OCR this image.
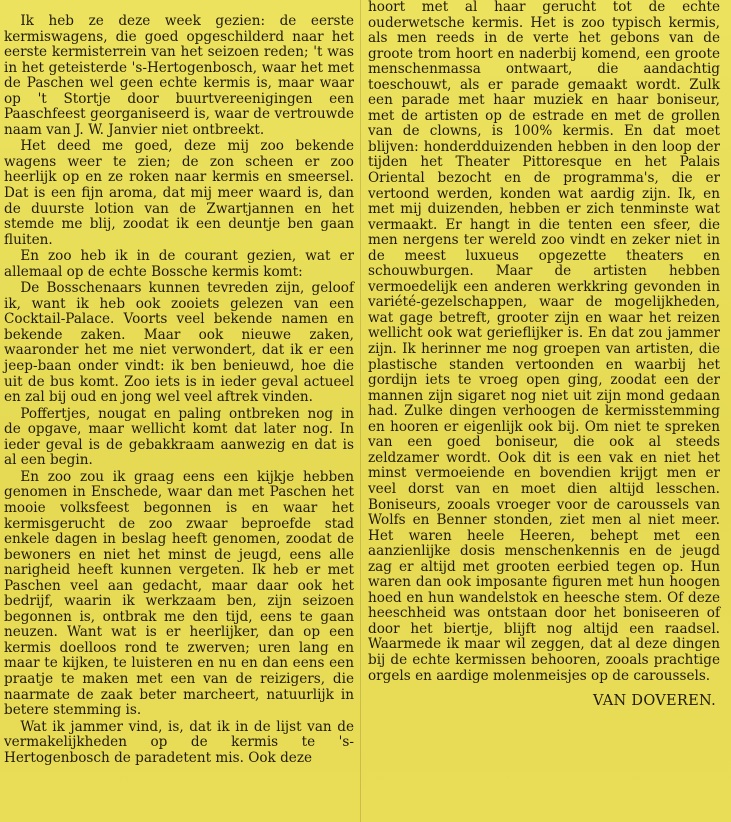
Ik heb ze deze week gezien: de eerste kermiswagens, die goed opgeschilderd naar het eerste kermisterrein van het seizoen reden; 't was in het geteisterde 's-Hertogenbosch, waar het met de Paschen wel geen echte kermis is, maar waar op 't Stortje door buurtvereenigingen een Paaschfeest georganiseerd is, waar de vertrouwde naam van J. W. Janvier niet ontbreekt.

Het deed me goed, deze mij zoo bekende wagens weer te zien; de zon scheen er zoo heerlijk op en ze roken naar kermis en smeersel. Dat is een fijn aroma, dat mij meer waard is, dan de duurste lotion van de Zwartjannen en het stemde me blij, zoodat ik een deuntje ben gaan fluiten.

En zoo heb ik in de courant gezien, wat er allemaal op de echte Bossche kermis komt:

De Bosschenaars kunnen tevreden zijn, geloof ik, want ik heb ook zooiets gelezen van een Cocktail-Palace. Voorts veel bekende namen en bekende zaken. Maar ook nieuwe zaken, waaronder het me niet verwondert, dat ik er een jeep-baan onder vindt: ik ben benieuwd, hoe die uit de bus komt. Zoo iets is in ieder geval actueel en zal bij oud en jong wel veel aftrek vinden.

Poffertjes, nougat en paling ontbreken nog in de opgave, maar wellicht komt dat later nog. In ieder geval is de gebakkraam aanwezig en dat is al een begin.

En zoo zou ik graag eens een kijkje hebben genomen in Enschede, waar dan met Paschen het mooie volksfeest begonnen is en waar het kermisgerucht de zoo zwaar beproefde stad enkele dagen in beslag heeft genomen, zoodat de bewoners en niet het minst de jeugd, eens alle narigheid heeft kunnen vergeten. Ik heb er met Paschen veel aan gedacht, maar daar ook het bedrijf, waarin ik werkzaam ben, zijn seizoen begonnen is, ontbrak me den tijd, eens te gaan neuzen. Want wat is er heerlijker, dan op een kermis doelloos rond te zwerven; uren lang en maar te kijken, te luisteren en nu en dan eens een praatje te maken met een van de reizigers, die naarmate de zaak beter marcheert, natuurlijk in betere stemming is.

Wat ik jammer vind, is, dat ik in de lijst van de vermakelijkheden op de kermis te 's-Hertogenbosch de paradetent mis. Ook deze

hoort met al haar gerucht tot de echte ouderwetsche kermis. Het is zoo typisch kermis, als men reeds in de verte het gebons van de groote trom hoort en naderbij komend, een groote menschenmassa ontwaart, die aandachtig toeschouwt, als er parade gemaakt wordt. Zulk een parade met haar muziek en haar boniseur, met de artisten op de estrade en met de grollen van de clowns, is 100% kermis. En dat moet blijven: honderdduizenden hebben in den loop der tijden het Theater Pittoresque en het Palais Oriental bezocht en de programma's, die er vertoond werden, konden wat aardig zijn. Ik, en met mij duizenden, hebben er zich tenminste wat vermaakt. Er hangt in die tenten een sfeer, die men nergens ter wereld zoo vindt en zeker niet in de meest luxueus opgezette theaters en schouwburgen. Maar de artisten hebben vermoedelijk een anderen werkkring gevonden in variété-gezelschappen, waar de mogelijkheden, wat gage betreft, grooter zijn en waar het reizen wellicht ook wat gerieflijker is. En dat zou jammer zijn. Ik herinner me nog groepen van artisten, die plastische standen vertoonden en waarbij het gordijn iets te vroeg open ging, zoodat een der mannen zijn sigaret nog niet uit zijn mond gedaan had. Zulke dingen verhoogen de kermisstemming en hooren er eigenlijk ook bij. Om niet te spreken van een goed boniseur, die ook al steeds zeldzamer wordt. Ook dit is een vak en niet het minst vermoeiende en bovendien krijgt men er veel dorst van en moet dien altijd lesschen. Boniseurs, zooals vroeger voor de caroussels van Wolfs en Benner stonden, ziet men al niet meer. Het waren heele Heeren, behept met een aanzienlijke dosis menschenkennis en de jeugd zag er altijd met grooten eerbied tegen op. Hun waren dan ook imposante figuren met hun hoogen hoed en hun wandelstok en heesche stem. Of deze heeschheid was ontstaan door het boniseeren of door het biertje, blijft nog altijd een raadsel. Waarmede ik maar wil zeggen, dat al deze dingen bij de echte kermissen behooren, zooals prachtige orgels en aardige molenmeisjes op de caroussels.

VAN DOVEREN.
